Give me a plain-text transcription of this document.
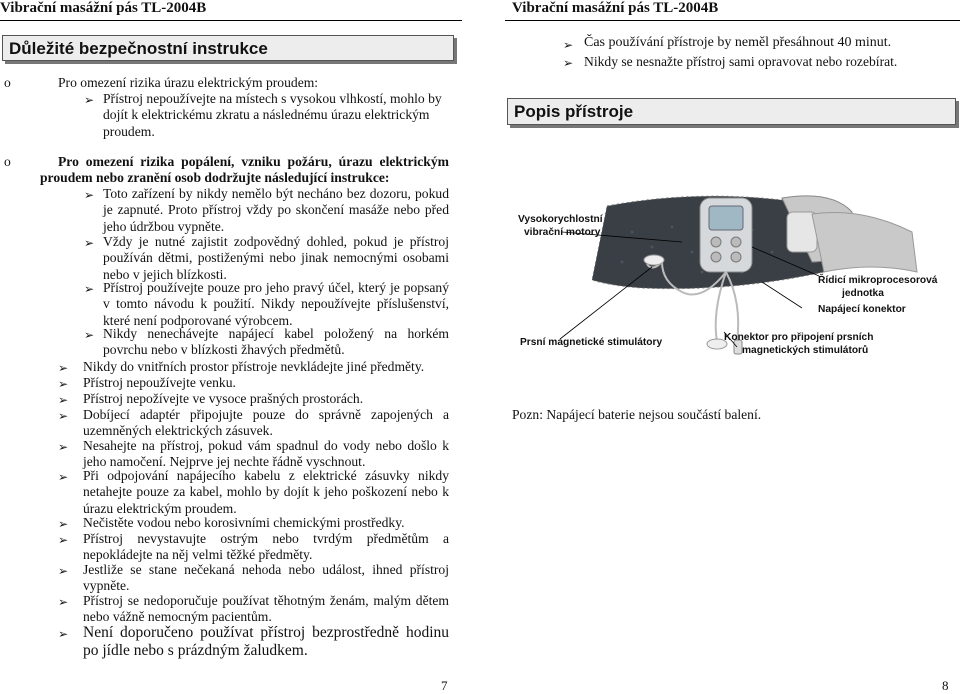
Vibrační masážní pás TL-2004B
Důležité bezpečnostní instrukce
o	Pro omezení rizika úrazu elektrickým proudem:
➢ Přístroj nepoužívejte na místech s vysokou vlhkostí, mohlo by dojít k elektrickému zkratu a následnému úrazu elektrickým proudem.
o	Pro omezení rizika popálení, vzniku požáru, úrazu elektrickým proudem nebo zranění osob dodržujte následující instrukce:
➢ Toto zařízení by nikdy nemělo být necháno bez dozoru, pokud je zapnuté. Proto přístroj vždy po skončení masáže nebo před jeho údržbou vypněte.
➢ Vždy je nutné zajistit zodpovědný dohled, pokud je přístroj používán dětmi, postiženými nebo jinak nemocnými osobami nebo v jejich blízkosti.
➢ Přístroj používejte pouze pro jeho pravý účel, který je popsaný v tomto návodu k použití. Nikdy nepoužívejte příslušenství, které není podporované výrobcem.
➢ Nikdy nenechávejte napájecí kabel položený na horkém povrchu nebo v blízkosti žhavých předmětů.
➢ Nikdy do vnitřních prostor přístroje nevkládejte jiné předměty.
➢ Přístroj nepoužívejte venku.
➢ Přístroj nepožívejte ve vysoce prašných prostorách.
➢ Dobíjecí adaptér připojujte pouze do správně zapojených a uzemněných elektrických zásuvek.
➢ Nesahejte na přístroj, pokud vám spadnul do vody nebo došlo k jeho namočení. Nejprve jej nechte řádně vyschnout.
➢ Při odpojování napájecího kabelu z elektrické zásuvky nikdy netahejte pouze za kabel, mohlo by dojít k jeho poškození nebo k úrazu elektrickým proudem.
➢ Nečistěte vodou nebo korosivními chemickými prostředky.
➢ Přístroj nevystavujte ostrým nebo tvrdým předmětům a nepokládejte na něj velmi těžké předměty.
➢ Jestliže se stane nečekaná nehoda nebo událost, ihned přístroj vypněte.
➢ Přístroj se nedoporučuje používat těhotným ženám, malým dětem nebo vážně nemocným pacientům.
➢ Není doporučeno používat přístroj bezprostředně hodinu po jídle nebo s prázdným žaludkem.
7
Vibrační masážní pás TL-2004B
➢ Čas používání přístroje by neměl přesáhnout 40 minut.
➢ Nikdy se nesnažte přístroj sami opravovat nebo rozebírat.
Popis přístroje
Vysokorychlostní
vibrační motory
Řídicí mikroprocesorová
jednotka
Napájecí konektor
Prsní magnetické stimulátory	Konektor pro připojení prsních
magnetických stimulátorů
Pozn: Napájecí baterie nejsou součástí balení.
8
